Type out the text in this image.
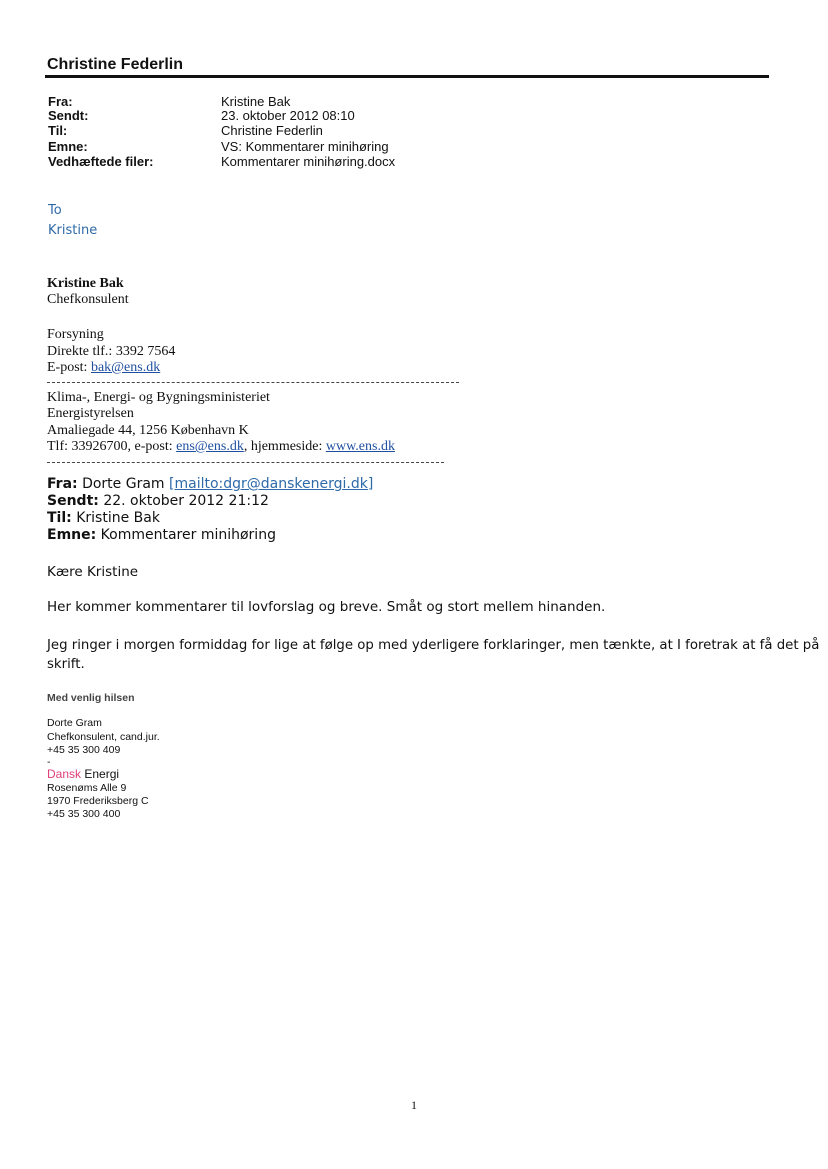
Christine Federlin
Fra:	Kristine Bak
Sendt:	23. oktober 2012 08:10
Til:	Christine Federlin
Emne:	VS: Kommentarer minihøring
Vedhæftede filer:	Kommentarer minihøring.docx
To
Kristine
Kristine Bak
Chefkonsulent
Forsyning
Direkte tlf.: 3392 7564
E-post: bak@ens.dk
Klima-, Energi- og Bygningsministeriet
Energistyrelsen
Amaliegade 44, 1256 København K
Tlf: 33926700, e-post: ens@ens.dk, hjemmeside: www.ens.dk
Fra: Dorte Gram [mailto:dgr@danskenergi.dk]
Sendt: 22. oktober 2012 21:12
Til: Kristine Bak
Emne: Kommentarer minihøring
Kære Kristine
Her kommer kommentarer til lovforslag og breve. Småt og stort mellem hinanden.
Jeg ringer i morgen formiddag for lige at følge op med yderligere forklaringer, men tænkte, at I foretrak at få det på
skrift.
Med venlig hilsen
Dorte Gram
Chefkonsulent, cand.jur.
+45 35 300 409
-
Dansk Energi
Rosenøms Alle 9
1970 Frederiksberg C
+45 35 300 400
1
